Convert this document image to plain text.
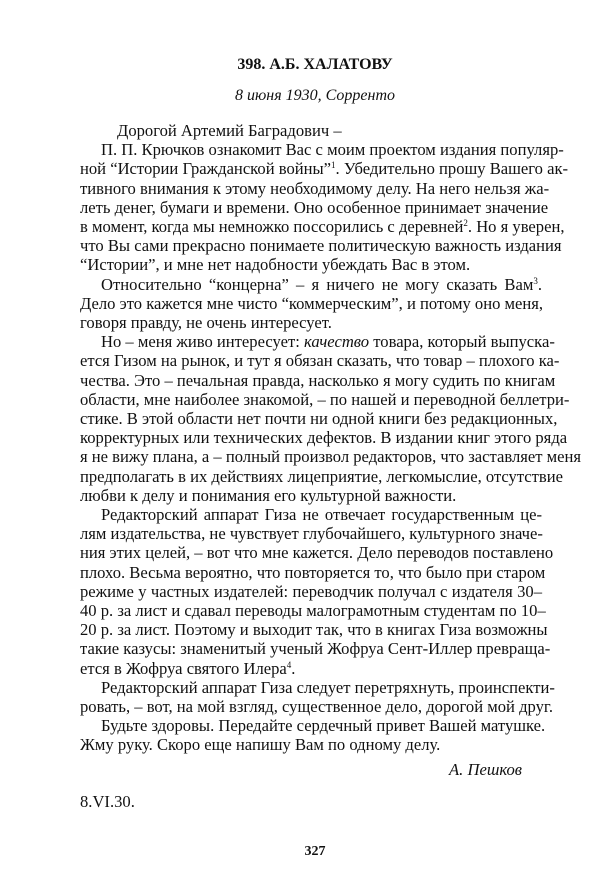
398. А.Б. ХАЛАТОВУ
8 июня 1930, Сорренто
Дорогой Артемий Баградович –
П. П. Крючков ознакомит Вас с моим проектом издания популяр-
ной “Истории Гражданской войны”$^1$. Убедительно прошу Вашего ак-
тивного внимания к этому необходимому делу. На него нельзя жа-
леть денег, бумаги и времени. Оно особенное принимает значение
в момент, когда мы немножко поссорились с деревней$^2$. Но я уверен,
что Вы сами прекрасно понимаете политическую важность издания
“Истории”, и мне нет надобности убеждать Вас в этом.
Относительно “концерна” – я ничего не могу сказать Вам$^3$.
Дело это кажется мне чисто “коммерческим”, и потому оно меня,
говоря правду, не очень интересует.
Но – меня живо интересует: качество товара, который выпуска-
ется Гизом на рынок, и тут я обязан сказать, что товар – плохого ка-
чества. Это – печальная правда, насколько я могу судить по книгам
области, мне наиболее знакомой, – по нашей и переводной беллетри-
стике. В этой области нет почти ни одной книги без редакционных,
корректурных или технических дефектов. В издании книг этого ряда
я не вижу плана, а – полный произвол редакторов, что заставляет меня
предполагать в их действиях лицеприятие, легкомыслие, отсутствие
любви к делу и понимания его культурной важности.
Редакторский аппарат Гиза не отвечает государственным це-
лям издательства, не чувствует глубочайшего, культурного значе-
ния этих целей, – вот что мне кажется. Дело переводов поставлено
плохо. Весьма вероятно, что повторяется то, что было при старом
режиме у частных издателей: переводчик получал с издателя 30–
40 р. за лист и сдавал переводы малограмотным студентам по 10–
20 р. за лист. Поэтому и выходит так, что в книгах Гиза возможны
такие казусы: знаменитый ученый Жофруа Сент-Иллер превраща-
ется в Жофруа святого Илера$^4$.
Редакторский аппарат Гиза следует перетряхнуть, проинспекти-
ровать, – вот, на мой взгляд, существенное дело, дорогой мой друг.
Будьте здоровы. Передайте сердечный привет Вашей матушке.
Жму руку. Скоро еще напишу Вам по одному делу.
А. Пешков
8.VI.30.
327
